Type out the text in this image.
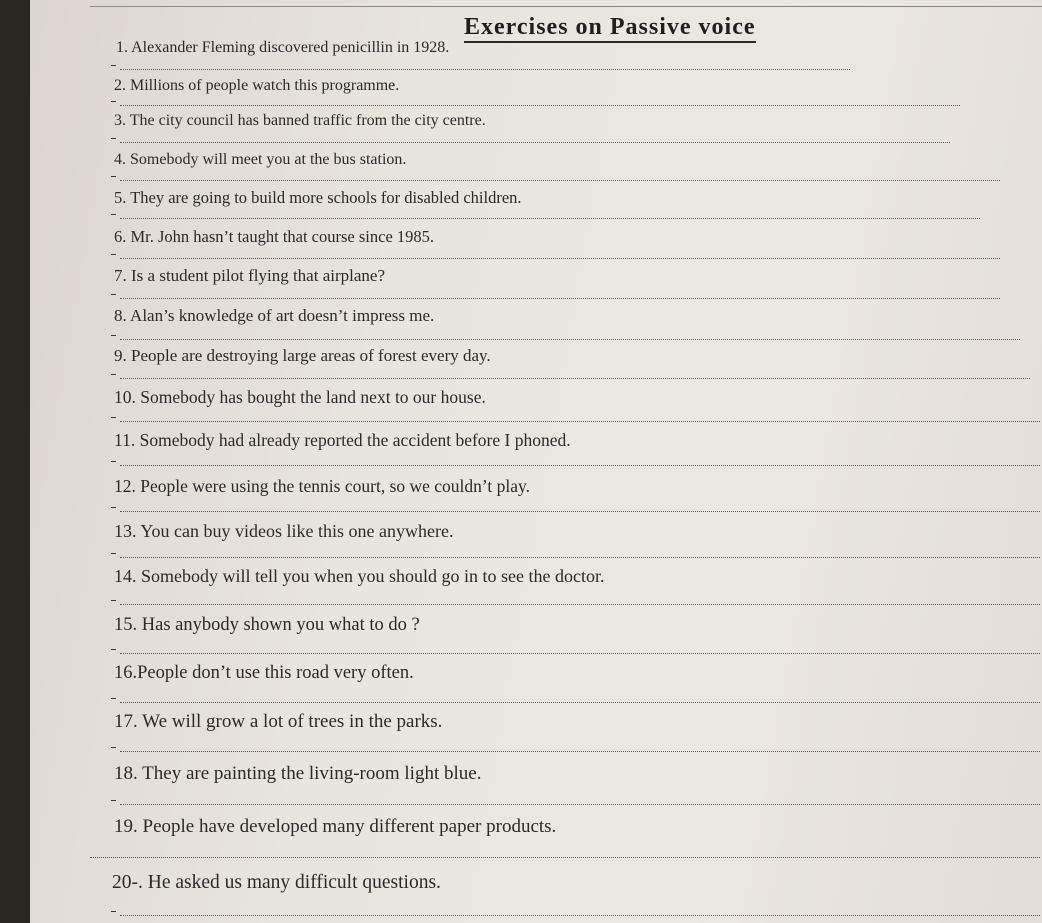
Exercises on Passive voice
1. Alexander Fleming discovered penicillin in 1928.
2. Millions of people watch this programme.
3. The city council has banned traffic from the city centre.
4. Somebody will meet you at the bus station.
5. They are going to build more schools for disabled children.
6. Mr. John hasn’t taught that course since 1985.
7. Is a student pilot flying that airplane?
8. Alan’s knowledge of art doesn’t impress me.
9. People are destroying large areas of forest every day.
10. Somebody has bought the land next to our house.
11. Somebody had already reported the accident before I phoned.
12. People were using the tennis court, so we couldn’t play.
13. You can buy videos like this one anywhere.
14. Somebody will tell you when you should go in to see the doctor.
15. Has anybody shown you what to do ?
16.People don’t use this road very often.
17. We will grow a lot of trees in the parks.
18. They are painting the living-room light blue.
19. People have developed many different paper products.
20-. He asked us many difficult questions.
